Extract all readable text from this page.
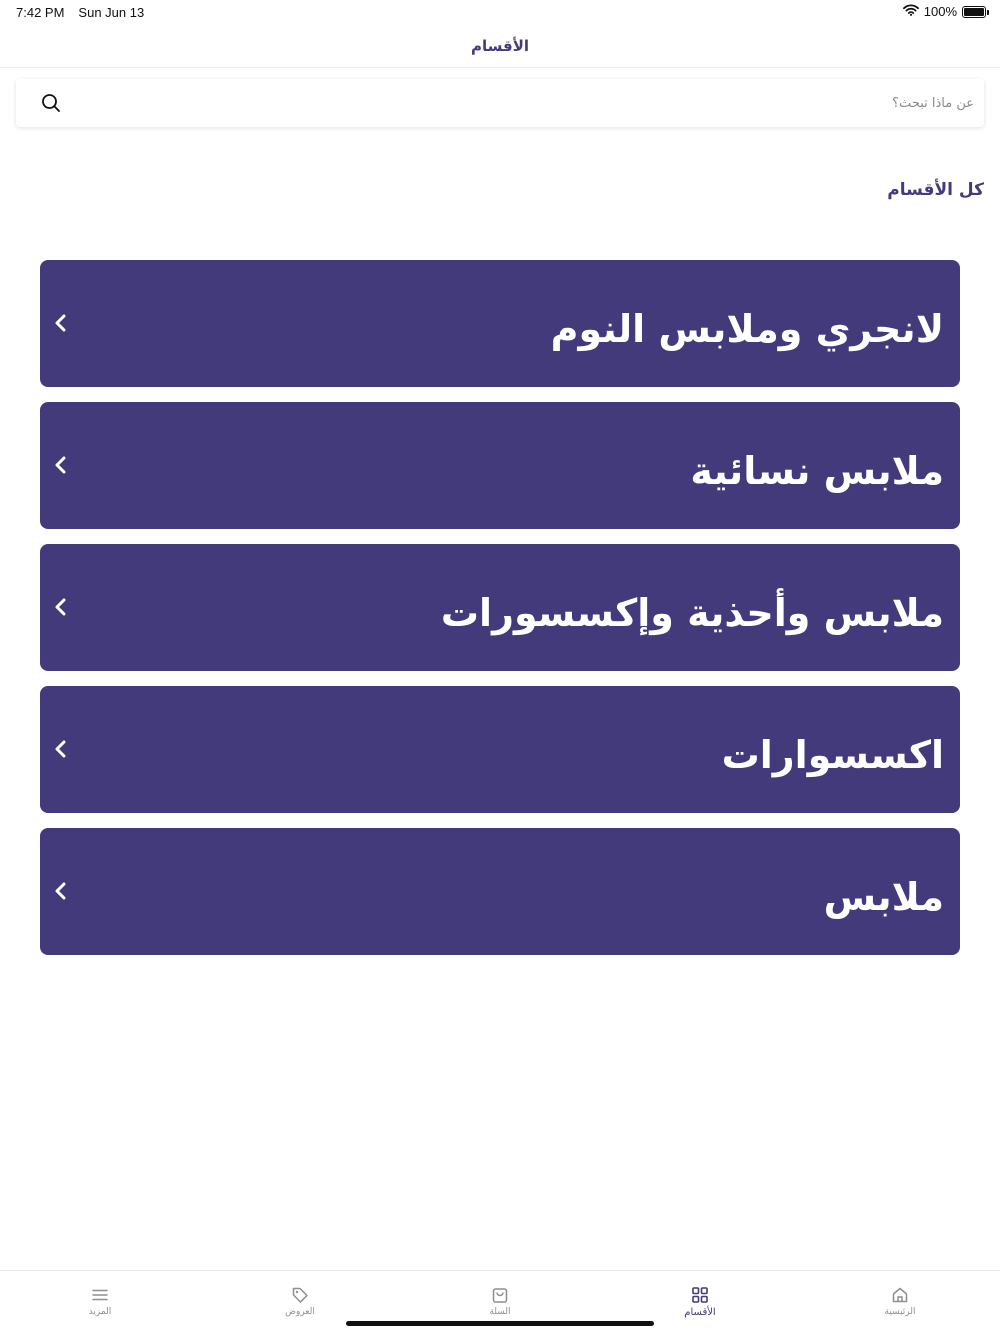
7:42 PM Sun Jun 13	100%
الأقسام
عن ماذا تبحث؟
كل الأقسام
لانجري وملابس النوم
ملابس نسائية
ملابس وأحذية وإكسسورات
اكسسوارات
ملابس
الرئيسية
الأقسام
السلة
العروض
المزيد
